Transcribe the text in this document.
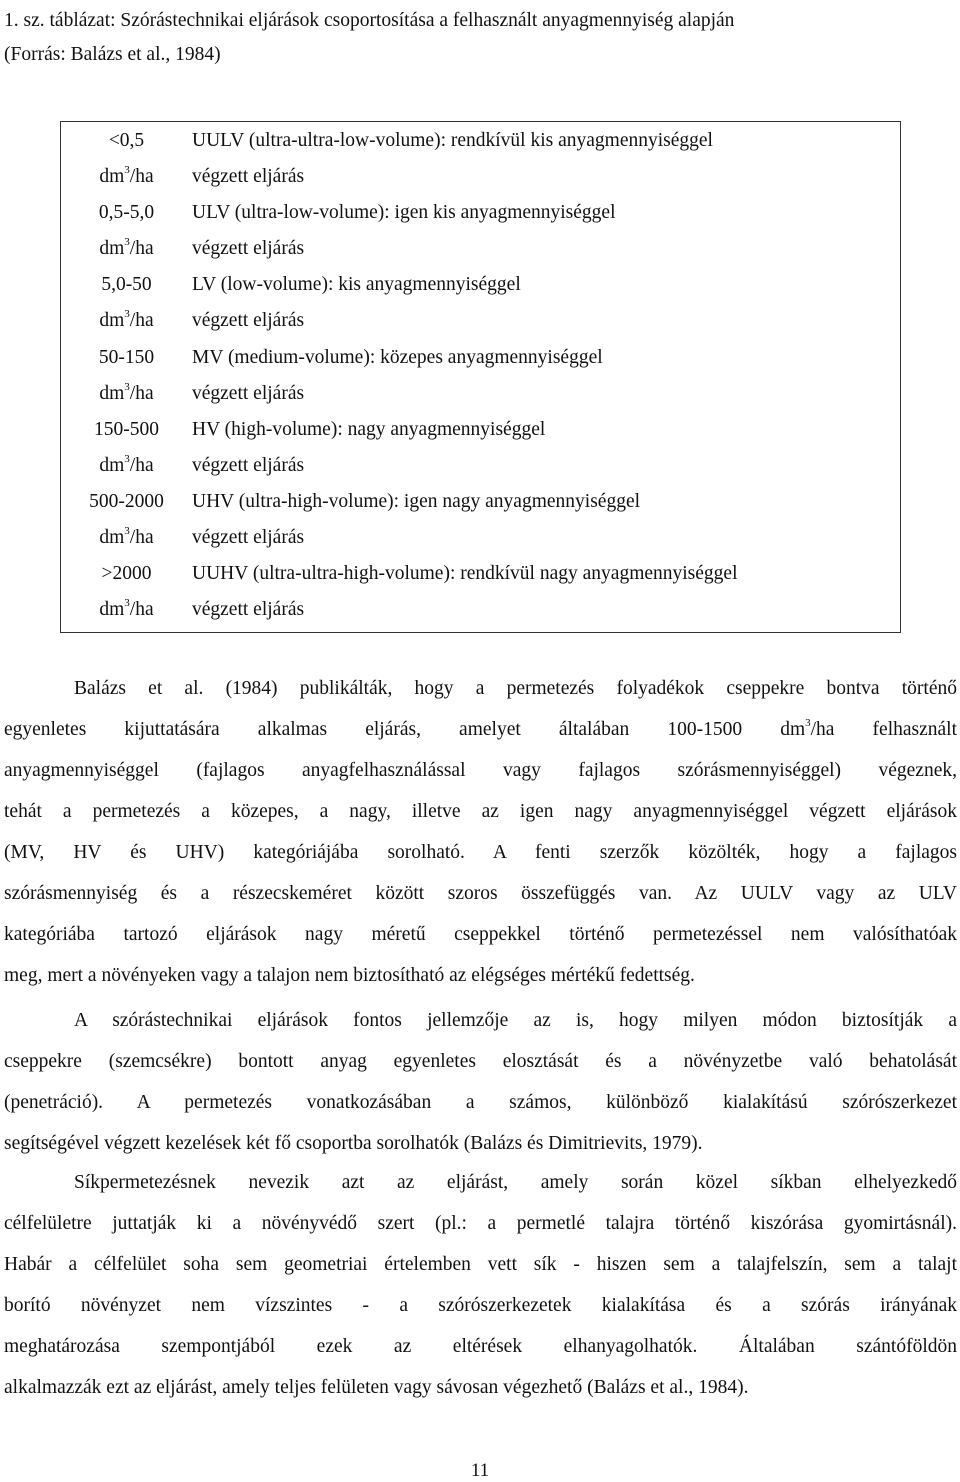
1. sz. táblázat: Szórástechnikai eljárások csoportosítása a felhasznált anyagmennyiség alapján
(Forrás: Balázs et al., 1984)
<0,5
$dm^3/ha$
UULV (ultra-ultra-low-volume): rendkívül kis anyagmennyiséggel
végzett eljárás
0,5-5,0
$dm^3/ha$
ULV (ultra-low-volume): igen kis anyagmennyiséggel
végzett eljárás
5,0-50
$dm^3/ha$
LV (low-volume): kis anyagmennyiséggel
végzett eljárás
50-150
$dm^3/ha$
MV (medium-volume): közepes anyagmennyiséggel
végzett eljárás
150-500
$dm^3/ha$
HV (high-volume): nagy anyagmennyiséggel
végzett eljárás
500-2000
$dm^3/ha$
UHV (ultra-high-volume): igen nagy anyagmennyiséggel
végzett eljárás
>2000
$dm^3/ha$
UUHV (ultra-ultra-high-volume): rendkívül nagy anyagmennyiséggel
végzett eljárás
Balázs et al. (1984) publikálták, hogy a permetezés folyadékok cseppekre bontva történő
egyenletes kijuttatására alkalmas eljárás, amelyet általában 100-1500 $dm^3/ha$ felhasznált
anyagmennyiséggel (fajlagos anyagfelhasználással vagy fajlagos szórásmennyiséggel) végeznek,
tehát a permetezés a közepes, a nagy, illetve az igen nagy anyagmennyiséggel végzett eljárások
(MV, HV és UHV) kategóriájába sorolható. A fenti szerzők közölték, hogy a fajlagos
szórásmennyiség és a részecskeméret között szoros összefüggés van. Az UULV vagy az ULV
kategóriába tartozó eljárások nagy méretű cseppekkel történő permetezéssel nem valósíthatóak
meg, mert a növényeken vagy a talajon nem biztosítható az elégséges mértékű fedettség.
A szórástechnikai eljárások fontos jellemzője az is, hogy milyen módon biztosítják a
cseppekre (szemcsékre) bontott anyag egyenletes elosztását és a növényzetbe való behatolását
(penetráció). A permetezés vonatkozásában a számos, különböző kialakítású szórószerkezet
segítségével végzett kezelések két fő csoportba sorolhatók (Balázs és Dimitrievits, 1979).
Síkpermetezésnek nevezik azt az eljárást, amely során közel síkban elhelyezkedő
célfelületre juttatják ki a növényvédő szert (pl.: a permetlé talajra történő kiszórása gyomirtásnál).
Habár a célfelület soha sem geometriai értelemben vett sík - hiszen sem a talajfelszín, sem a talajt
borító növényzet nem vízszintes - a szórószerkezetek kialakítása és a szórás irányának
meghatározása szempontjából ezek az eltérések elhanyagolhatók. Általában szántóföldön
alkalmazzák ezt az eljárást, amely teljes felületen vagy sávosan végezhető (Balázs et al., 1984).
11
